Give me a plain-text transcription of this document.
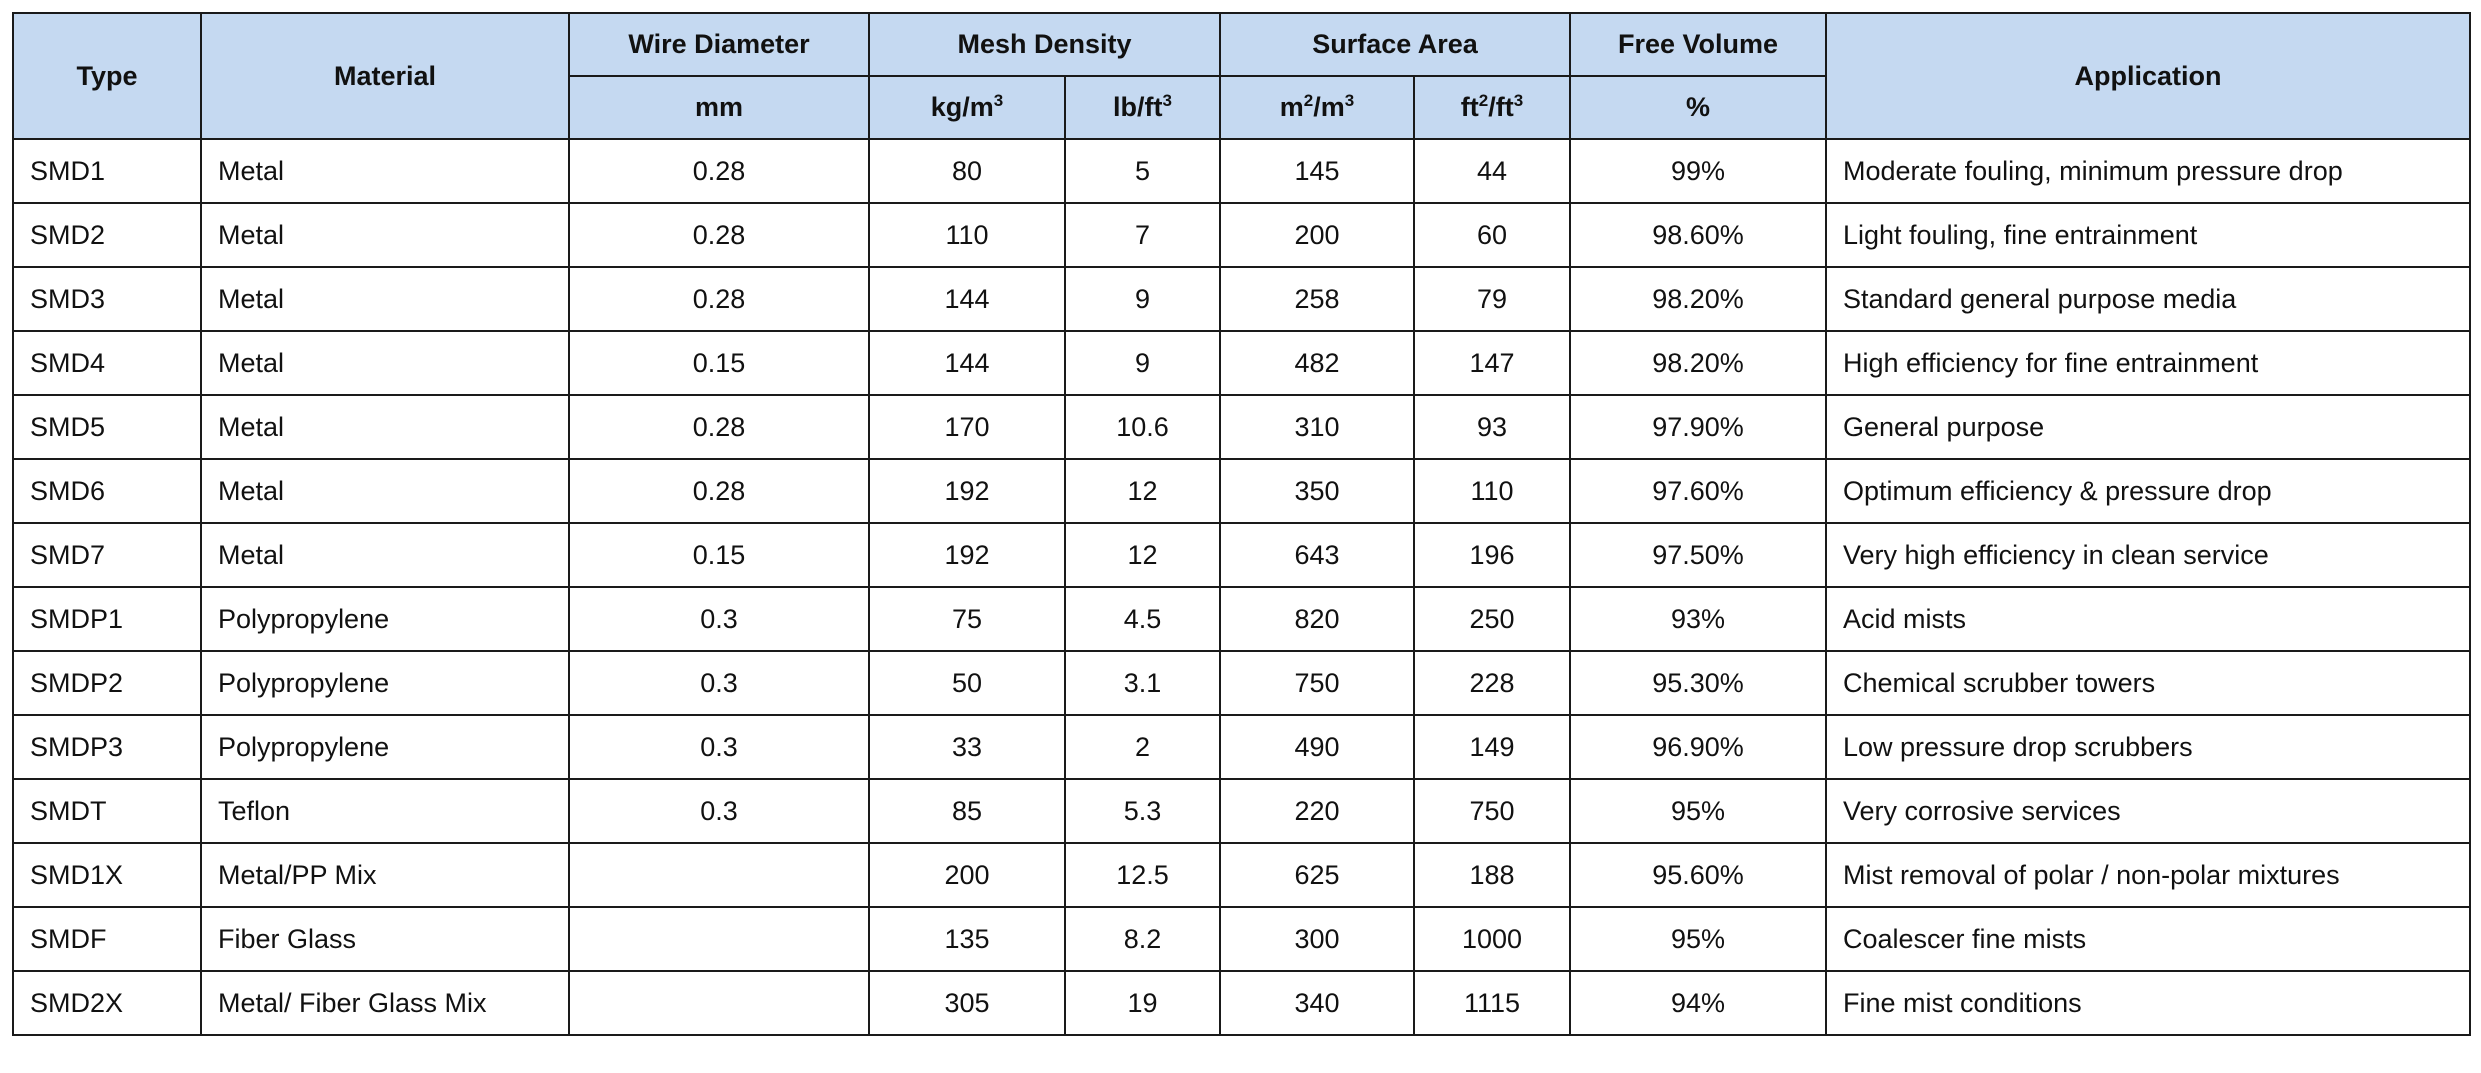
Type	Material	Wire Diameter	Mesh Density		Surface Area		Free Volume	Application
		mm	$kg/m^3$	$lb/ft^3$	$m^2/m^3$	$ft^2/ft^3$	%	
SMD1	Metal	0.28	80	5	145	44	99%	Moderate fouling, minimum pressure drop
SMD2	Metal	0.28	110	7	200	60	98.60%	Light fouling, fine entrainment
SMD3	Metal	0.28	144	9	258	79	98.20%	Standard general purpose media
SMD4	Metal	0.15	144	9	482	147	98.20%	High efficiency for fine entrainment
SMD5	Metal	0.28	170	10.6	310	93	97.90%	General purpose
SMD6	Metal	0.28	192	12	350	110	97.60%	Optimum efficiency & pressure drop
SMD7	Metal	0.15	192	12	643	196	97.50%	Very high efficiency in clean service
SMDP1	Polypropylene	0.3	75	4.5	820	250	93%	Acid mists
SMDP2	Polypropylene	0.3	50	3.1	750	228	95.30%	Chemical scrubber towers
SMDP3	Polypropylene	0.3	33	2	490	149	96.90%	Low pressure drop scrubbers
SMDT	Teflon	0.3	85	5.3	220	750	95%	Very corrosive services
SMD1X	Metal/PP Mix		200	12.5	625	188	95.60%	Mist removal of polar / non-polar mixtures
SMDF	Fiber Glass		135	8.2	300	1000	95%	Coalescer fine mists
SMD2X	Metal/ Fiber Glass Mix		305	19	340	1115	94%	Fine mist conditions
